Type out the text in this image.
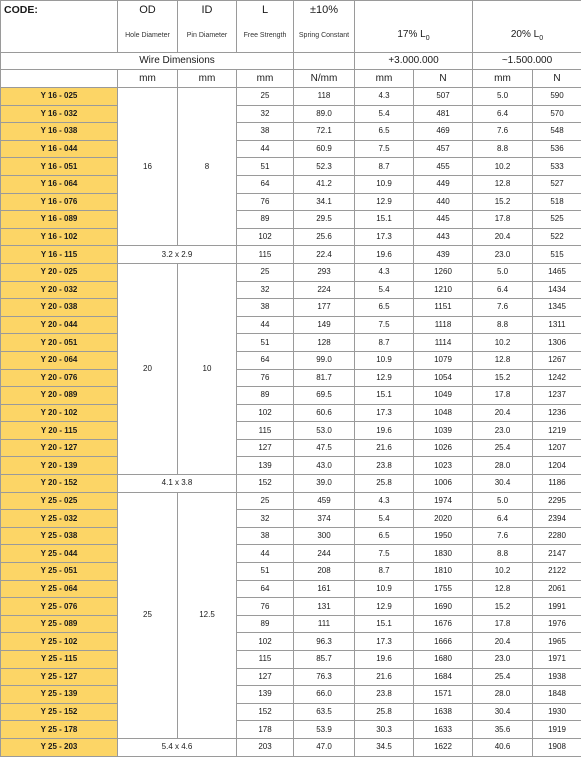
CODE:	OD	ID	L	±10%				
	Hole Diameter	Pin Diameter	Free Strength	Spring Constant	17% $L_0$		20% $L_0$
	Wire Dimensions				+3.000.000		~1.500.000	
	mm	mm	mm	N/mm	mm	N	mm	N
Y 16 - 025	16	8	25	118	4.3	507	5.0	590
Y 16 - 032			32	89.0	5.4	481	6.4	570
Y 16 - 038			38	72.1	6.5	469	7.6	548
Y 16 - 044			44	60.9	7.5	457	8.8	536
Y 16 - 051			51	52.3	8.7	455	10.2	533
Y 16 - 064			64	41.2	10.9	449	12.8	527
Y 16 - 076			76	34.1	12.9	440	15.2	518
Y 16 - 089			89	29.5	15.1	445	17.8	525
Y 16 - 102			102	25.6	17.3	443	20.4	522
Y 16 - 115	3.2 x 2.9		115	22.4	19.6	439	23.0	515
Y 20 - 025	20	10	25	293	4.3	1260	5.0	1465
Y 20 - 032			32	224	5.4	1210	6.4	1434
Y 20 - 038			38	177	6.5	1151	7.6	1345
Y 20 - 044			44	149	7.5	1118	8.8	1311
Y 20 - 051			51	128	8.7	1114	10.2	1306
Y 20 - 064			64	99.0	10.9	1079	12.8	1267
Y 20 - 076			76	81.7	12.9	1054	15.2	1242
Y 20 - 089			89	69.5	15.1	1049	17.8	1237
Y 20 - 102			102	60.6	17.3	1048	20.4	1236
Y 20 - 115			115	53.0	19.6	1039	23.0	1219
Y 20 - 127			127	47.5	21.6	1026	25.4	1207
Y 20 - 139			139	43.0	23.8	1023	28.0	1204
Y 20 - 152	4.1 x 3.8		152	39.0	25.8	1006	30.4	1186
Y 25 - 025	25	12.5	25	459	4.3	1974	5.0	2295
Y 25 - 032			32	374	5.4	2020	6.4	2394
Y 25 - 038			38	300	6.5	1950	7.6	2280
Y 25 - 044			44	244	7.5	1830	8.8	2147
Y 25 - 051			51	208	8.7	1810	10.2	2122
Y 25 - 064			64	161	10.9	1755	12.8	2061
Y 25 - 076			76	131	12.9	1690	15.2	1991
Y 25 - 089			89	111	15.1	1676	17.8	1976
Y 25 - 102			102	96.3	17.3	1666	20.4	1965
Y 25 - 115			115	85.7	19.6	1680	23.0	1971
Y 25 - 127			127	76.3	21.6	1684	25.4	1938
Y 25 - 139			139	66.0	23.8	1571	28.0	1848
Y 25 - 152			152	63.5	25.8	1638	30.4	1930
Y 25 - 178			178	53.9	30.3	1633	35.6	1919
Y 25 - 203	5.4 x 4.6		203	47.0	34.5	1622	40.6	1908
